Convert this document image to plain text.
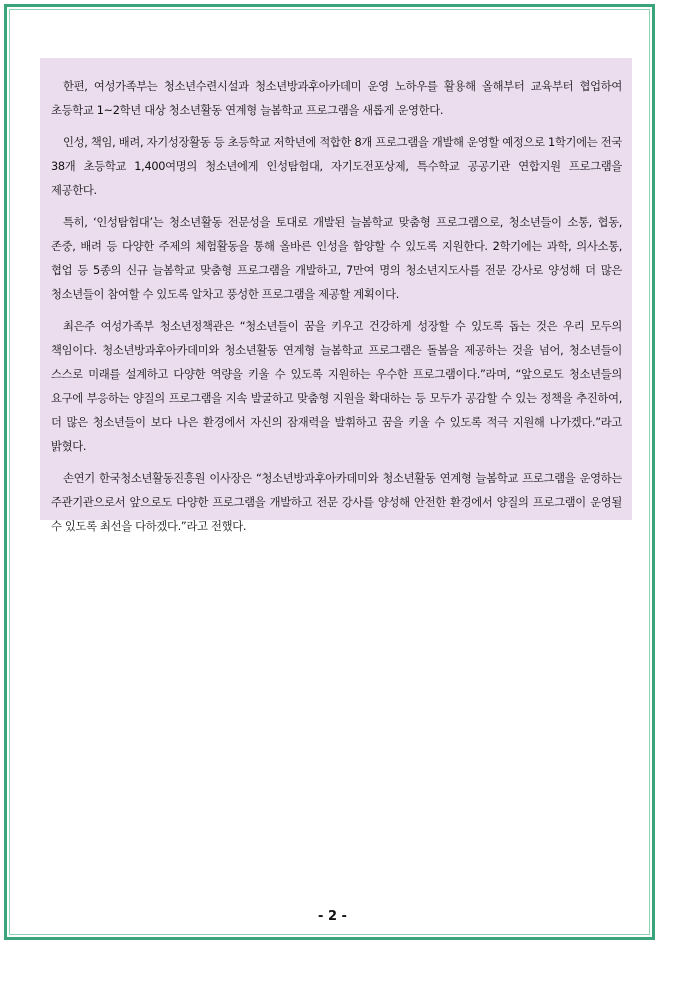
한편, 여성가족부는 청소년수련시설과 청소년방과후아카데미 운영 노하우를 활용해 올해부터 교육부터 협업하여 초등학교 1~2학년 대상 청소년활동 연계형 늘봄학교 프로그램을 새롭게 운영한다.

인성, 책임, 배려, 자기성장활동 등 초등학교 저학년에 적합한 8개 프로그램을 개발해 운영할 예정으로 1학기에는 전국 38개 초등학교 1,400여명의 청소년에게 인성탐험대, 자기도전포상제, 특수학교 공공기관 연합지원 프로그램을 제공한다.

특히, ‘인성탐험대’는 청소년활동 전문성을 토대로 개발된 늘봄학교 맞춤형 프로그램으로, 청소년들이 소통, 협동, 존중, 배려 등 다양한 주제의 체험활동을 통해 올바른 인성을 함양할 수 있도록 지원한다. 2학기에는 과학, 의사소통, 협업 등 5종의 신규 늘봄학교 맞춤형 프로그램을 개발하고, 7만여 명의 청소년지도사를 전문 강사로 양성해 더 많은 청소년들이 참여할 수 있도록 알차고 풍성한 프로그램을 제공할 계획이다.

최은주 여성가족부 청소년정책관은 “청소년들이 꿈을 키우고 건강하게 성장할 수 있도록 돕는 것은 우리 모두의 책임이다. 청소년방과후아카데미와 청소년활동 연계형 늘봄학교 프로그램은 돌봄을 제공하는 것을 넘어, 청소년들이 스스로 미래를 설계하고 다양한 역량을 키울 수 있도록 지원하는 우수한 프로그램이다.”라며, “앞으로도 청소년들의 요구에 부응하는 양질의 프로그램을 지속 발굴하고 맞춤형 지원을 확대하는 등 모두가 공감할 수 있는 정책을 추진하여, 더 많은 청소년들이 보다 나은 환경에서 자신의 잠재력을 발휘하고 꿈을 키울 수 있도록 적극 지원해 나가겠다.”라고 밝혔다.

손연기 한국청소년활동진흥원 이사장은 “청소년방과후아카데미와 청소년활동 연계형 늘봄학교 프로그램을 운영하는 주관기관으로서 앞으로도 다양한 프로그램을 개발하고 전문 강사를 양성해 안전한 환경에서 양질의 프로그램이 운영될 수 있도록 최선을 다하겠다.”라고 전했다.

- 2 -
